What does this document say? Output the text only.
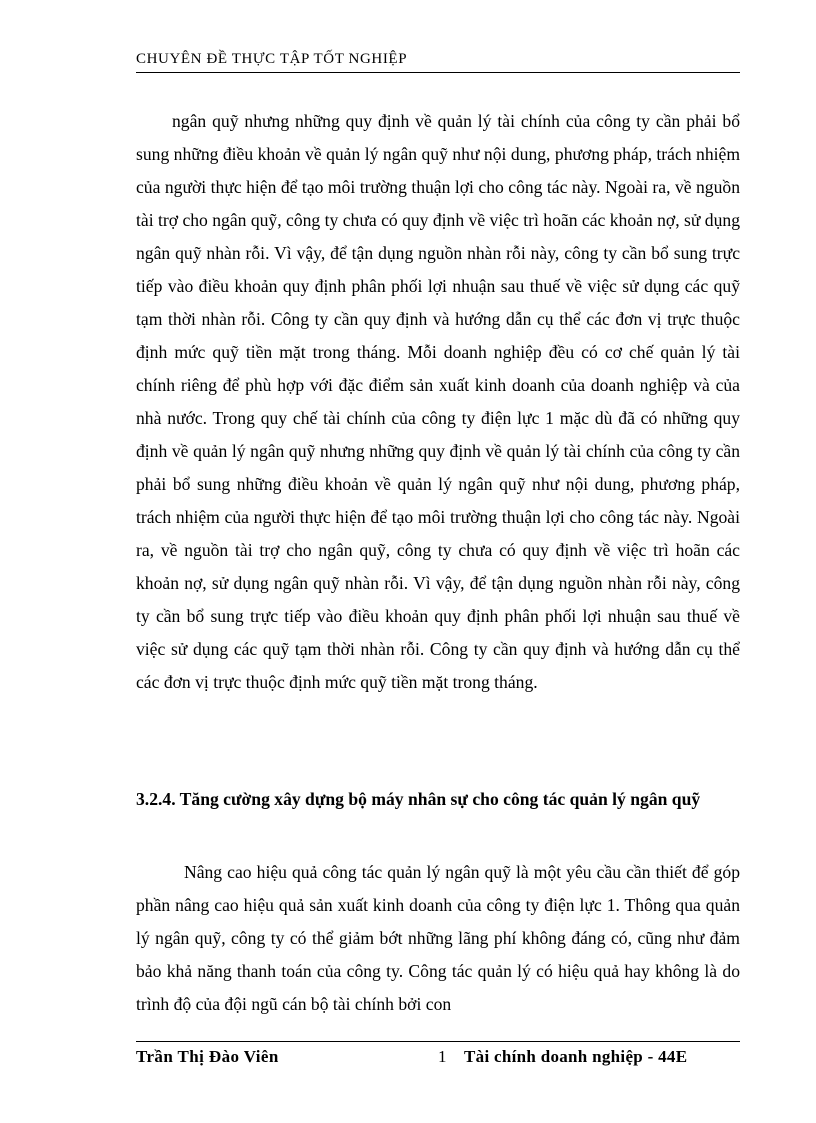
CHUYÊN ĐỀ THỰC TẬP TỐT NGHIỆP

ngân quỹ nhưng những quy định về quản lý tài chính của công ty cần phải bổ sung những điều khoản về quản lý ngân quỹ như nội dung, phương pháp, trách nhiệm của người thực hiện để tạo môi trường thuận lợi cho công tác này. Ngoài ra, về nguồn tài trợ cho ngân quỹ, công ty chưa có quy định về việc trì hoãn các khoản nợ, sử dụng ngân quỹ nhàn rỗi. Vì vậy, để tận dụng nguồn nhàn rỗi này, công ty cần bổ sung trực tiếp vào điều khoản quy định phân phối lợi nhuận sau thuế về việc sử dụng các quỹ tạm thời nhàn rỗi. Công ty cần quy định và hướng dẫn cụ thể các đơn vị trực thuộc định mức quỹ tiền mặt trong tháng. Mỗi doanh nghiệp đều có cơ chế quản lý tài chính riêng để phù hợp với đặc điểm sản xuất kinh doanh của doanh nghiệp và của nhà nước. Trong quy chế tài chính của công ty điện lực 1 mặc dù đã có những quy định về quản lý ngân quỹ nhưng những quy định về quản lý tài chính của công ty cần phải bổ sung những điều khoản về quản lý ngân quỹ như nội dung, phương pháp, trách nhiệm của người thực hiện để tạo môi trường thuận lợi cho công tác này. Ngoài ra, về nguồn tài trợ cho ngân quỹ, công ty chưa có quy định về việc trì hoãn các khoản nợ, sử dụng ngân quỹ nhàn rỗi. Vì vậy, để tận dụng nguồn nhàn rỗi này, công ty cần bổ sung trực tiếp vào điều khoản quy định phân phối lợi nhuận sau thuế về việc sử dụng các quỹ tạm thời nhàn rỗi. Công ty cần quy định và hướng dẫn cụ thể các đơn vị trực thuộc định mức quỹ tiền mặt trong tháng.

3.2.4. Tăng cường xây dựng bộ máy nhân sự cho công tác quản lý ngân quỹ

Nâng cao hiệu quả công tác quản lý ngân quỹ là một yêu cầu cần thiết để góp phần nâng cao hiệu quả sản xuất kinh doanh của công ty điện lực 1. Thông qua quản lý ngân quỹ, công ty có thể giảm bớt những lãng phí không đáng có, cũng như đảm bảo khả năng thanh toán của công ty. Công tác quản lý có hiệu quả hay không là do trình độ của đội ngũ cán bộ tài chính bởi con

Trần Thị Đào Viên	1 Tài chính doanh nghiệp - 44E
